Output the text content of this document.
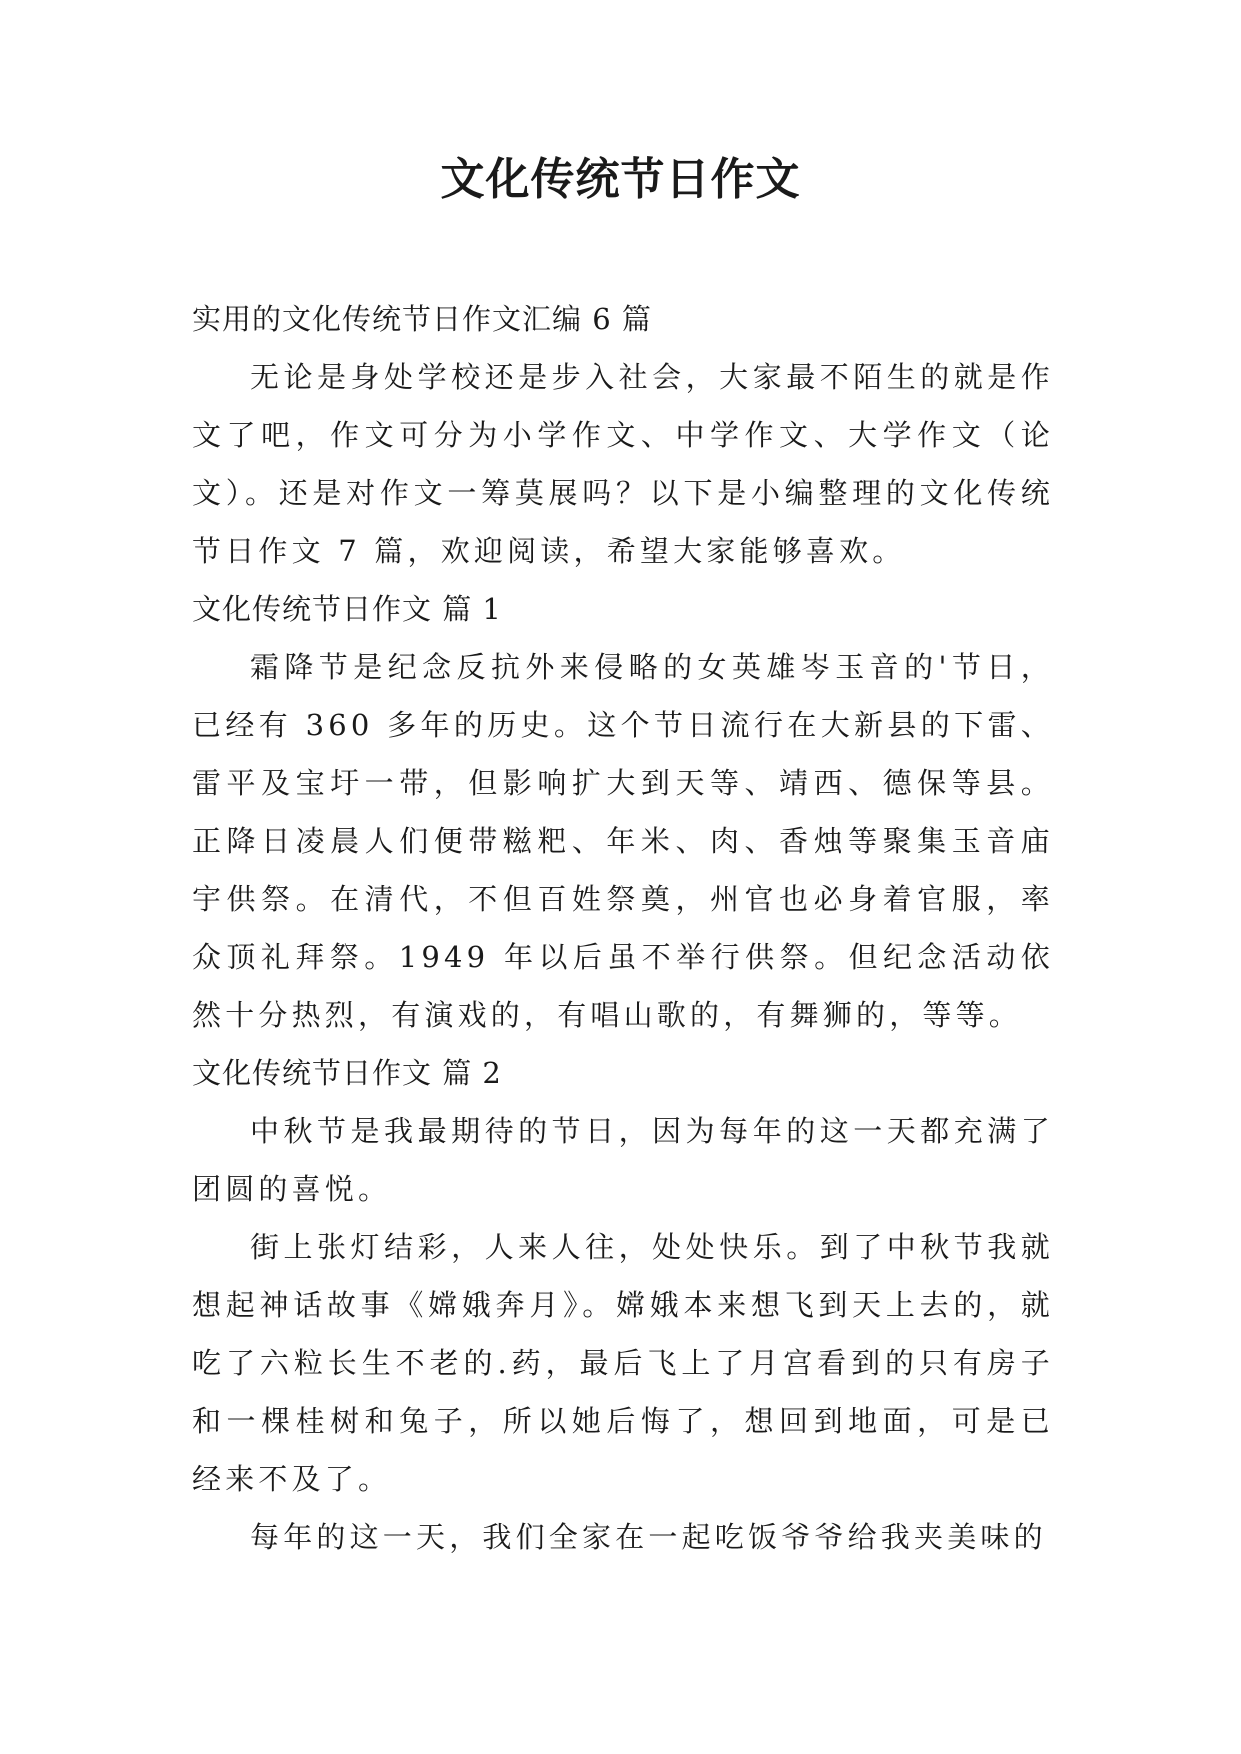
文化传统节日作文

实用的文化传统节日作文汇编 6 篇

无论是身处学校还是步入社会，大家最不陌生的就是作文了吧，作文可分为小学作文、中学作文、大学作文（论文）。还是对作文一筹莫展吗？以下是小编整理的文化传统节日作文 7 篇，欢迎阅读，希望大家能够喜欢。

文化传统节日作文 篇 1

霜降节是纪念反抗外来侵略的女英雄岑玉音的'节日，已经有 360 多年的历史。这个节日流行在大新县的下雷、雷平及宝圩一带，但影响扩大到天等、靖西、德保等县。正降日凌晨人们便带糍粑、年米、肉、香烛等聚集玉音庙宇供祭。在清代，不但百姓祭奠，州官也必身着官服，率众顶礼拜祭。1949 年以后虽不举行供祭。但纪念活动依然十分热烈，有演戏的，有唱山歌的，有舞狮的，等等。

文化传统节日作文 篇 2

中秋节是我最期待的节日，因为每年的这一天都充满了团圆的喜悦。

街上张灯结彩，人来人往，处处快乐。到了中秋节我就想起神话故事《嫦娥奔月》。嫦娥本来想飞到天上去的，就吃了六粒长生不老的.药，最后飞上了月宫看到的只有房子和一棵桂树和兔子，所以她后悔了，想回到地面，可是已经来不及了。

每年的这一天，我们全家在一起吃饭爷爷给我夹美味的
